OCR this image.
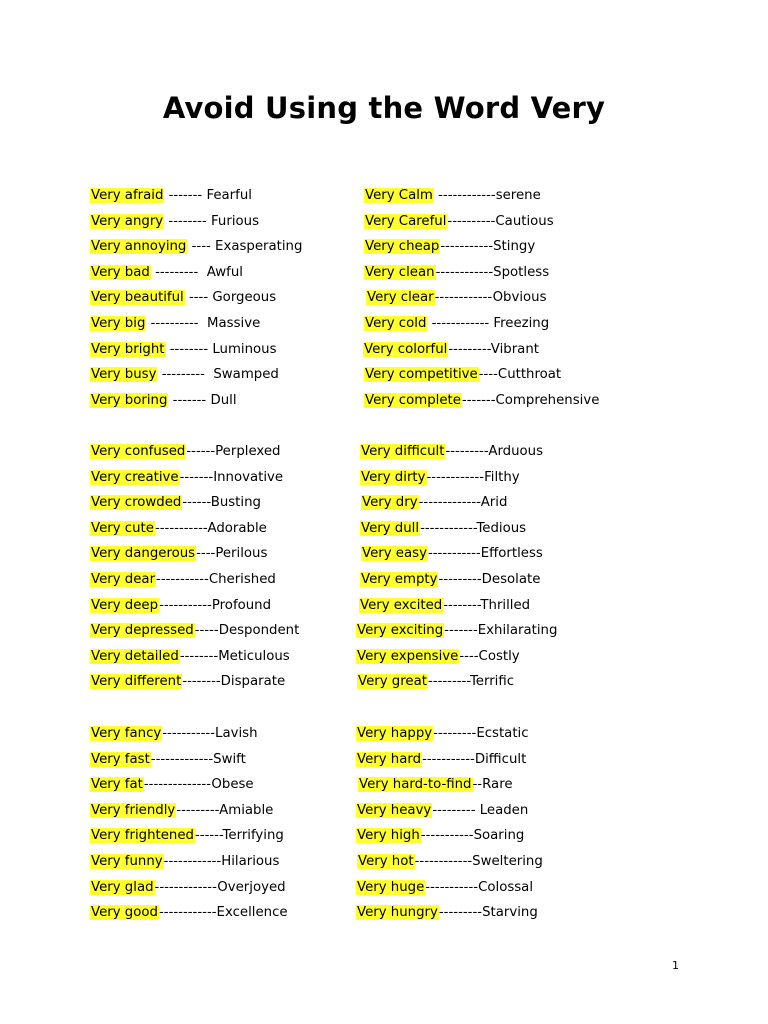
Avoid Using the Word Very
Very afraid ------- Fearful
Very angry -------- Furious
Very annoying ---- Exasperating
Very bad ---------  Awful
Very beautiful ---- Gorgeous
Very big ----------  Massive
Very bright -------- Luminous
Very busy ---------  Swamped
Very boring ------- Dull
Very Calm ------------serene
Very Careful----------Cautious
Very cheap-----------Stingy
Very clean------------Spotless
Very clear------------Obvious
Very cold ------------ Freezing
Very colorful---------Vibrant
Very competitive----Cutthroat
Very complete-------Comprehensive
Very confused------Perplexed
Very creative-------Innovative
Very crowded------Busting
Very cute-----------Adorable
Very dangerous----Perilous
Very dear-----------Cherished
Very deep-----------Profound
Very depressed-----Despondent
Very detailed--------Meticulous
Very different--------Disparate
Very difficult---------Arduous
Very dirty------------Filthy
Very dry-------------Arid
Very dull------------Tedious
Very easy-----------Effortless
Very empty---------Desolate
Very excited--------Thrilled
Very exciting-------Exhilarating
Very expensive----Costly
Very great---------Terrific
Very fancy-----------Lavish
Very fast-------------Swift
Very fat--------------Obese
Very friendly---------Amiable
Very frightened------Terrifying
Very funny------------Hilarious
Very glad-------------Overjoyed
Very good------------Excellence
Very happy---------Ecstatic
Very hard-----------Difficult
Very hard-to-find--Rare
Very heavy--------- Leaden
Very high-----------Soaring
Very hot------------Sweltering
Very huge-----------Colossal
Very hungry---------Starving
1
